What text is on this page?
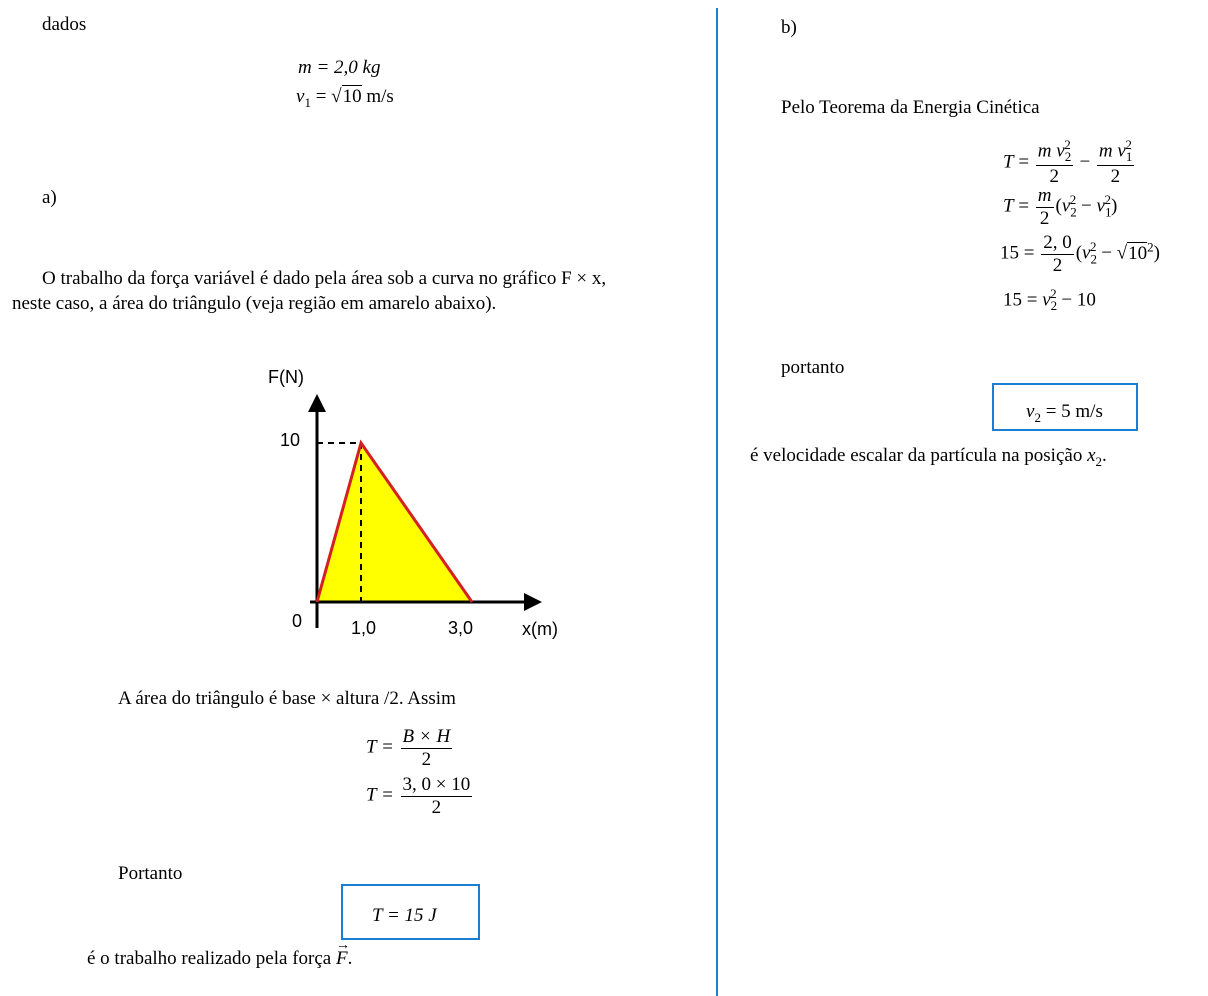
dados
m = 2,0 kg
$v_1 = √10$ m/s
a)
O trabalho da força variável é dado pela área sob a curva no gráfico F × x,
neste caso, a área do triângulo (veja região em amarelo abaixo).
F(N)
10
0	1,0	3,0	x(m)
A área do triângulo é base × altura /2. Assim
$T = \frac{B \times H}{2}$
$T = \frac{3, 0 \times 10}{2}$
Portanto
T = 15 J
é o trabalho realizado pela força
→
F.
b)
Pelo Teorema da Energia Cinética
$T = \frac{m v_2^2}{2} - \frac{m v_1^2}{2}$
$T = \frac{m}{2} (v_2^2 - v_1^2)$
$15 = \frac{2, 0}{2} (v_2^2 - √10^2)$
$15 = v_2^2 - 10$
portanto
$v_2 = 5$ m/s
é velocidade escalar da partícula na posição $x_2$.
